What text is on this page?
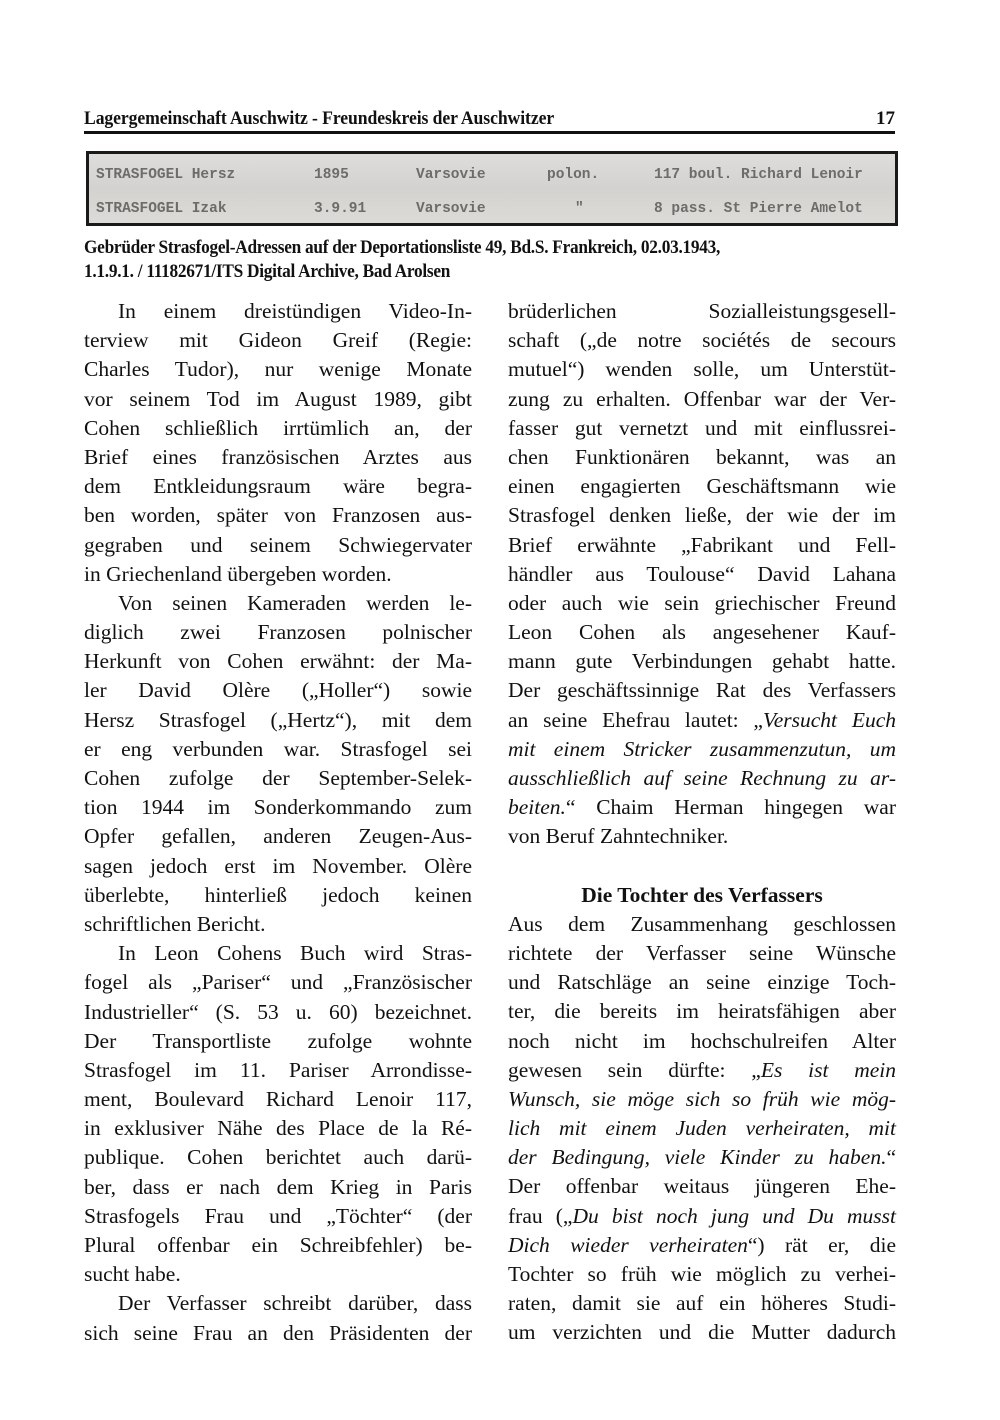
Lagergemeinschaft Auschwitz - Freundeskreis der Auschwitzer	17
STRASFOGEL Hersz	1895	Varsovie	polon.	117 boul. Richard Lenoir
STRASFOGEL Izak	3.9.91	Varsovie	"	8 pass. St Pierre Amelot
Gebrüder Strasfogel-Adressen auf der Deportationsliste 49, Bd.S. Frankreich, 02.03.1943,
1.1.9.1. / 11182671/ITS Digital Archive, Bad Arolsen
In einem dreistündigen Video-In-
terview mit Gideon Greif (Regie:
Charles Tudor), nur wenige Monate
vor seinem Tod im August 1989, gibt
Cohen schließlich irrtümlich an, der
Brief eines französischen Arztes aus
dem Entkleidungsraum wäre begra-
ben worden, später von Franzosen aus-
gegraben und seinem Schwiegervater
in Griechenland übergeben worden.
Von seinen Kameraden werden le-
diglich zwei Franzosen polnischer
Herkunft von Cohen erwähnt: der Ma-
ler David Olère („Holler“) sowie
Hersz Strasfogel („Hertz“), mit dem
er eng verbunden war. Strasfogel sei
Cohen zufolge der September-Selek-
tion 1944 im Sonderkommando zum
Opfer gefallen, anderen Zeugen-Aus-
sagen jedoch erst im November. Olère
überlebte, hinterließ jedoch keinen
schriftlichen Bericht.
In Leon Cohens Buch wird Stras-
fogel als „Pariser“ und „Französischer
Industrieller“ (S. 53 u. 60) bezeichnet.
Der Transportliste zufolge wohnte
Strasfogel im 11. Pariser Arrondisse-
ment, Boulevard Richard Lenoir 117,
in exklusiver Nähe des Place de la Ré-
publique. Cohen berichtet auch darü-
ber, dass er nach dem Krieg in Paris
Strasfogels Frau und „Töchter“ (der
Plural offenbar ein Schreibfehler) be-
sucht habe.
Der Verfasser schreibt darüber, dass
sich seine Frau an den Präsidenten der
brüderlichen Sozialleistungsgesell-
schaft („de notre sociétés de secours
mutuel“) wenden solle, um Unterstüt-
zung zu erhalten. Offenbar war der Ver-
fasser gut vernetzt und mit einflussrei-
chen Funktionären bekannt, was an
einen engagierten Geschäftsmann wie
Strasfogel denken ließe, der wie der im
Brief erwähnte „Fabrikant und Fell-
händler aus Toulouse“ David Lahana
oder auch wie sein griechischer Freund
Leon Cohen als angesehener Kauf-
mann gute Verbindungen gehabt hatte.
Der geschäftssinnige Rat des Verfassers
an seine Ehefrau lautet: „Versucht Euch
mit einem Stricker zusammenzutun, um
ausschließlich auf seine Rechnung zu ar-
beiten.“ Chaim Herman hingegen war
von Beruf Zahntechniker.
Die Tochter des Verfassers
Aus dem Zusammenhang geschlossen
richtete der Verfasser seine Wünsche
und Ratschläge an seine einzige Toch-
ter, die bereits im heiratsfähigen aber
noch nicht im hochschulreifen Alter
gewesen sein dürfte: „Es ist mein
Wunsch, sie möge sich so früh wie mög-
lich mit einem Juden verheiraten, mit
der Bedingung, viele Kinder zu haben.“
Der offenbar weitaus jüngeren Ehe-
frau („Du bist noch jung und Du musst
Dich wieder verheiraten“) rät er, die
Tochter so früh wie möglich zu verhei-
raten, damit sie auf ein höheres Studi-
um verzichten und die Mutter dadurch
